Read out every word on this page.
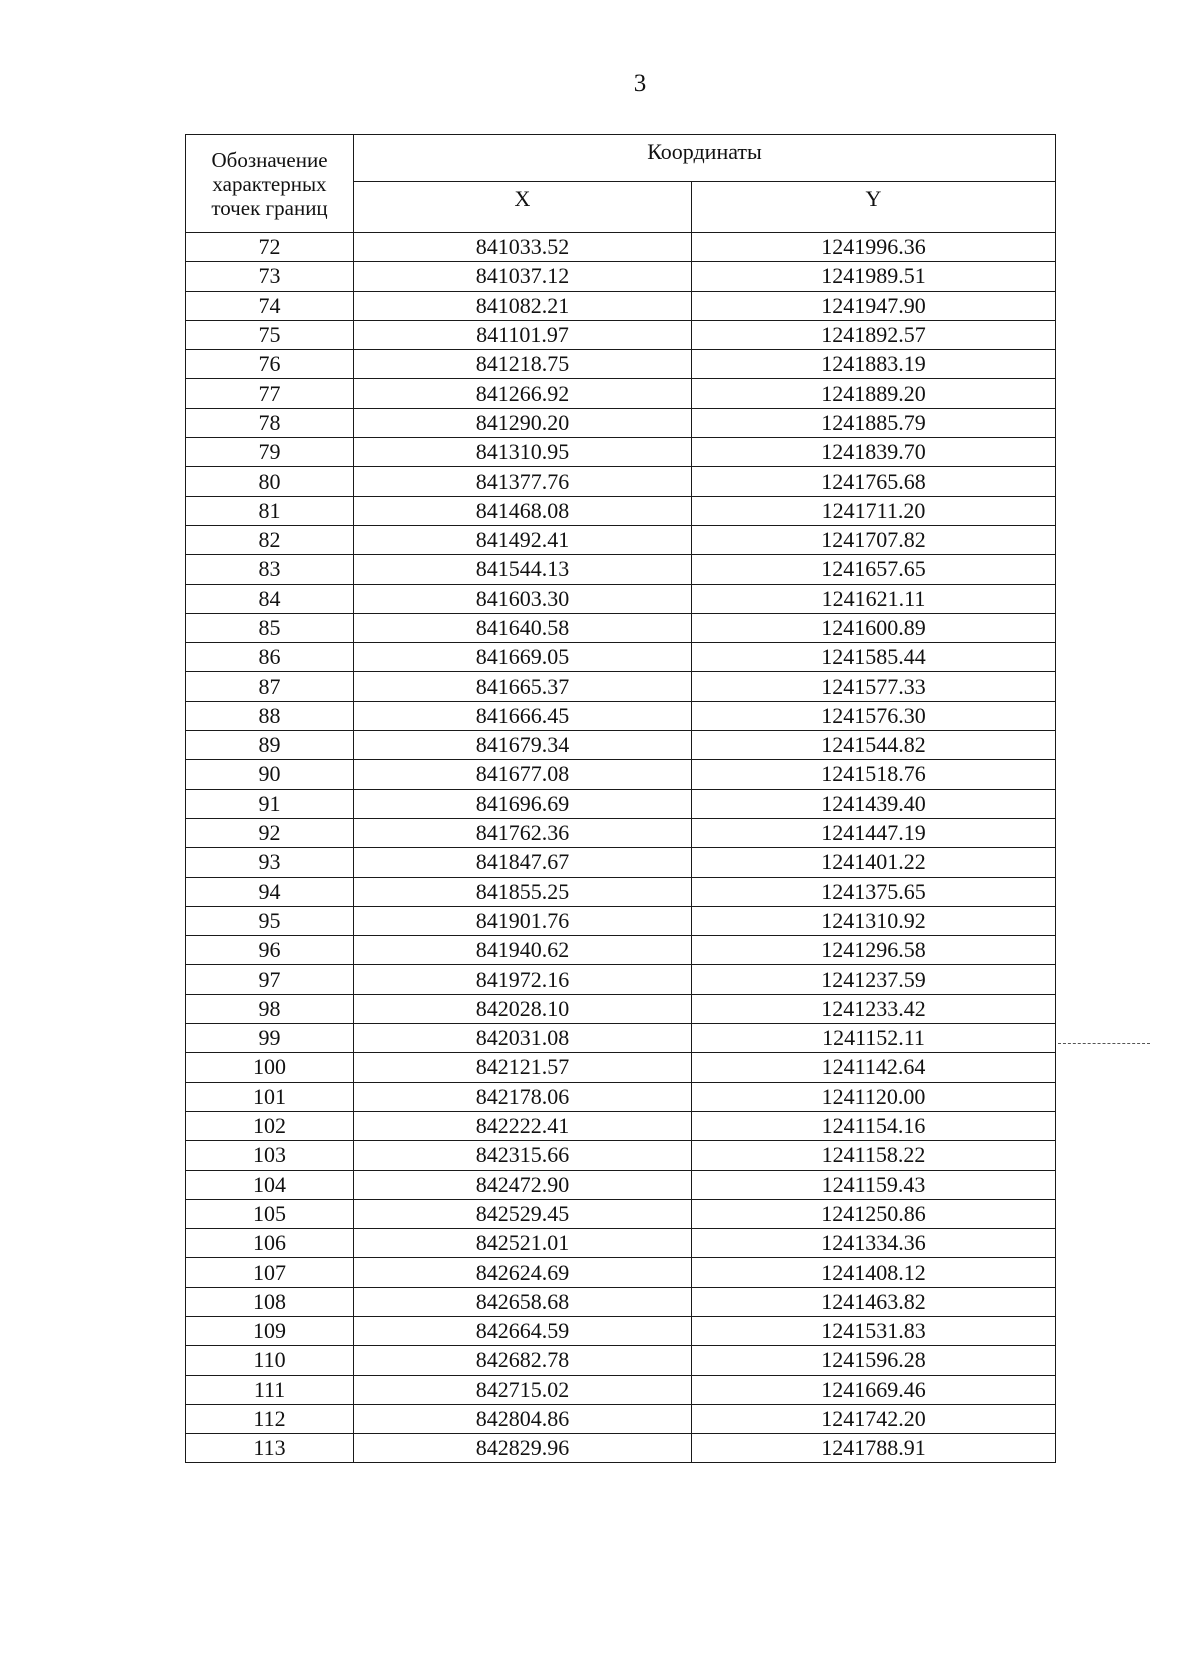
3
Обозначение характерных точек границ	Координаты	
	X	Y
72	841033.52	1241996.36
73	841037.12	1241989.51
74	841082.21	1241947.90
75	841101.97	1241892.57
76	841218.75	1241883.19
77	841266.92	1241889.20
78	841290.20	1241885.79
79	841310.95	1241839.70
80	841377.76	1241765.68
81	841468.08	1241711.20
82	841492.41	1241707.82
83	841544.13	1241657.65
84	841603.30	1241621.11
85	841640.58	1241600.89
86	841669.05	1241585.44
87	841665.37	1241577.33
88	841666.45	1241576.30
89	841679.34	1241544.82
90	841677.08	1241518.76
91	841696.69	1241439.40
92	841762.36	1241447.19
93	841847.67	1241401.22
94	841855.25	1241375.65
95	841901.76	1241310.92
96	841940.62	1241296.58
97	841972.16	1241237.59
98	842028.10	1241233.42
99	842031.08	1241152.11
100	842121.57	1241142.64
101	842178.06	1241120.00
102	842222.41	1241154.16
103	842315.66	1241158.22
104	842472.90	1241159.43
105	842529.45	1241250.86
106	842521.01	1241334.36
107	842624.69	1241408.12
108	842658.68	1241463.82
109	842664.59	1241531.83
110	842682.78	1241596.28
111	842715.02	1241669.46
112	842804.86	1241742.20
113	842829.96	1241788.91
